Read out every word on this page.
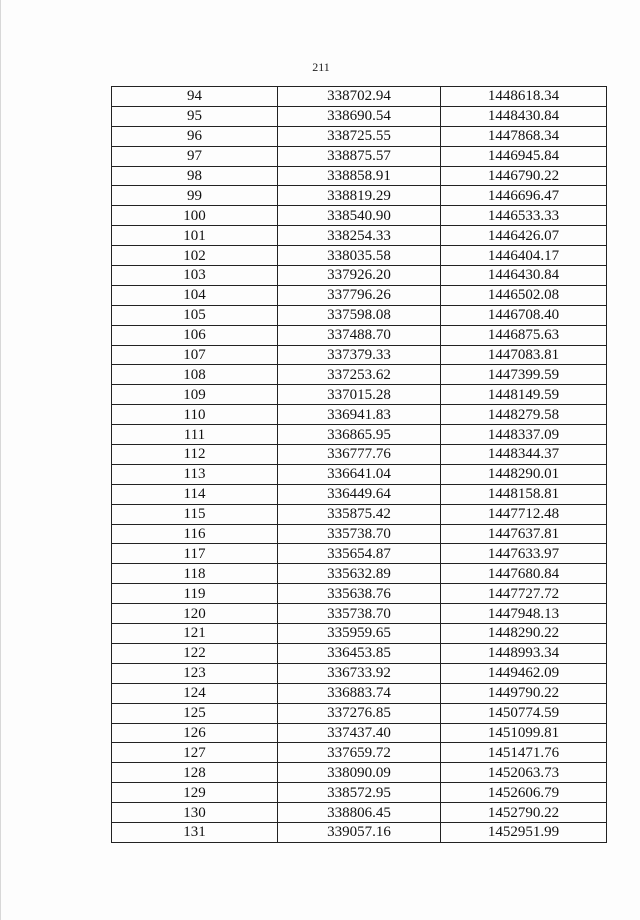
211
94	338702.94	1448618.34
95	338690.54	1448430.84
96	338725.55	1447868.34
97	338875.57	1446945.84
98	338858.91	1446790.22
99	338819.29	1446696.47
100	338540.90	1446533.33
101	338254.33	1446426.07
102	338035.58	1446404.17
103	337926.20	1446430.84
104	337796.26	1446502.08
105	337598.08	1446708.40
106	337488.70	1446875.63
107	337379.33	1447083.81
108	337253.62	1447399.59
109	337015.28	1448149.59
110	336941.83	1448279.58
111	336865.95	1448337.09
112	336777.76	1448344.37
113	336641.04	1448290.01
114	336449.64	1448158.81
115	335875.42	1447712.48
116	335738.70	1447637.81
117	335654.87	1447633.97
118	335632.89	1447680.84
119	335638.76	1447727.72
120	335738.70	1447948.13
121	335959.65	1448290.22
122	336453.85	1448993.34
123	336733.92	1449462.09
124	336883.74	1449790.22
125	337276.85	1450774.59
126	337437.40	1451099.81
127	337659.72	1451471.76
128	338090.09	1452063.73
129	338572.95	1452606.79
130	338806.45	1452790.22
131	339057.16	1452951.99
